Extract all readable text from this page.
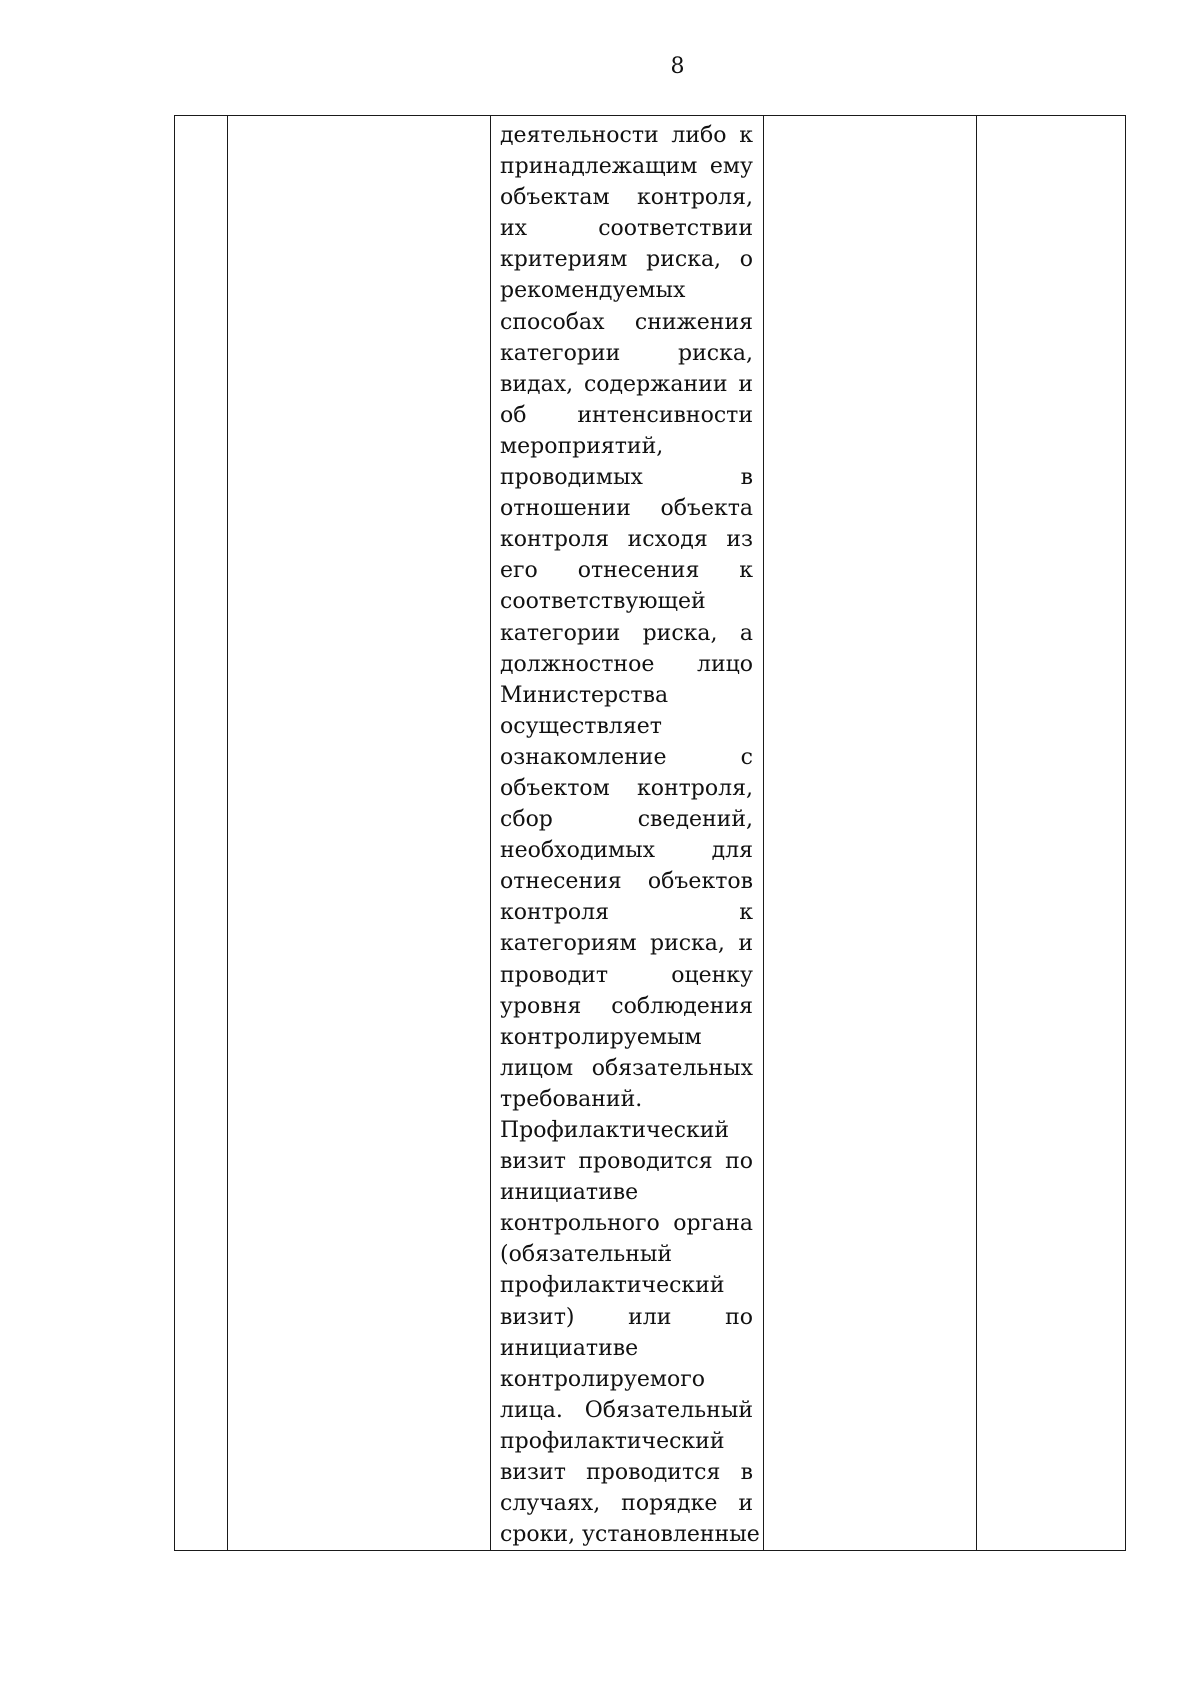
8

деятельности либо к
принадлежащим ему
объектам контроля,
их соответствии
критериям риска, о
рекомендуемых
способах снижения
категории риска,
видах, содержании и
об интенсивности
мероприятий,
проводимых в
отношении объекта
контроля исходя из
его отнесения к
соответствующей
категории риска, а
должностное лицо
Министерства
осуществляет
ознакомление с
объектом контроля,
сбор сведений,
необходимых для
отнесения объектов
контроля к
категориям риска, и
проводит оценку
уровня соблюдения
контролируемым
лицом обязательных
требований.
Профилактический
визит проводится по
инициативе
контрольного органа
(обязательный
профилактический
визит) или по
инициативе
контролируемого
лица. Обязательный
профилактический
визит проводится в
случаях, порядке и
сроки, установленные
